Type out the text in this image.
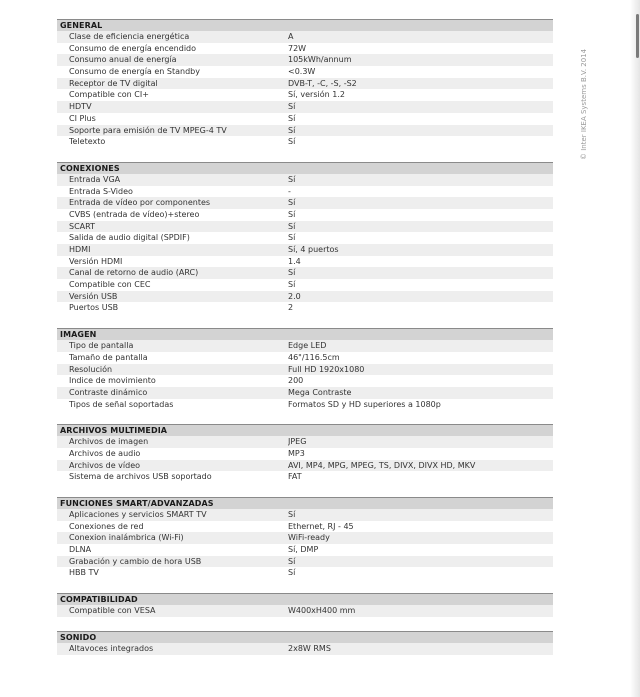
GENERAL
Clase de eficiencia energética	A
Consumo de energía encendido	72W
Consumo anual de energía	105kWh/annum
Consumo de energía en Standby	<0.3W
Receptor de TV digital	DVB-T, -C, -S, -S2
Compatible con CI+	Sí, versión 1.2
HDTV	Sí
CI Plus	Sí
Soporte para emisión de TV MPEG-4 TV	Sí
Teletexto	Sí
CONEXIONES
Entrada VGA	Sí
Entrada S-Video	-
Entrada de vídeo por componentes	Sí
CVBS (entrada de vídeo)+stereo	Sí
SCART	Sí
Salida de audio digital (SPDIF)	Sí
HDMI	Sí, 4 puertos
Versión HDMI	1.4
Canal de retorno de audio (ARC)	Sí
Compatible con CEC	Sí
Versión USB	2.0
Puertos USB	2
IMAGEN
Tipo de pantalla	Edge LED
Tamaño de pantalla	46"/116.5cm
Resolución	Full HD 1920x1080
Indice de movimiento	200
Contraste dinámico	Mega Contraste
Tipos de señal soportadas	Formatos SD y HD superiores a 1080p
ARCHIVOS MULTIMEDIA
Archivos de imagen	JPEG
Archivos de audio	MP3
Archivos de vídeo	AVI, MP4, MPG, MPEG, TS, DIVX, DIVX HD, MKV
Sistema de archivos USB soportado	FAT
FUNCIONES SMART/ADVANZADAS
Aplicaciones y servicios SMART TV	Sí
Conexiones de red	Ethernet, RJ - 45
Conexion inalámbrica (Wi-Fi)	WiFi-ready
DLNA	Sí, DMP
Grabación y cambio de hora USB	Sí
HBB TV	Sí
COMPATIBILIDAD
Compatible con VESA	W400xH400 mm
SONIDO
Altavoces integrados	2x8W RMS
© Inter IKEA Systems B.V. 2014
